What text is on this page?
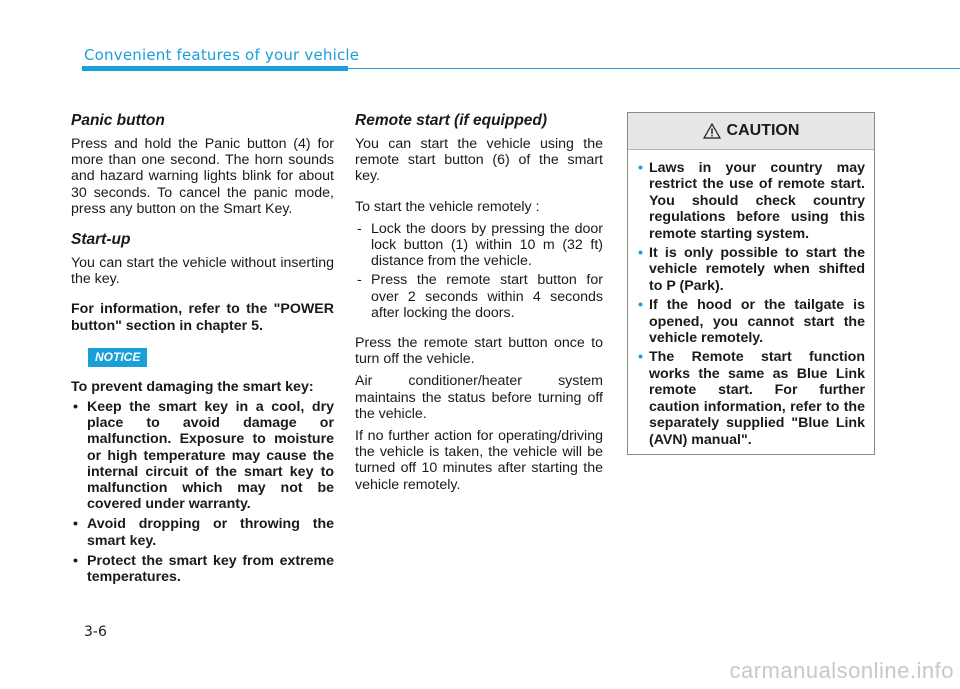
Convenient features of your vehicle
Panic button

Press and hold the Panic button (4) for more than one second. The horn sounds and hazard warning lights blink for about 30 seconds. To cancel the panic mode, press any button on the Smart Key.

Start-up

You can start the vehicle without inserting the key.

For information, refer to the "POWER button" section in chapter 5.

NOTICE

To prevent damaging the smart key:

• Keep the smart key in a cool, dry place to avoid damage or malfunction. Exposure to moisture or high temperature may cause the internal circuit of the smart key to malfunction which may not be covered under warranty.
• Avoid dropping or throwing the smart key.
• Protect the smart key from extreme temperatures.
Remote start (if equipped)

You can start the vehicle using the remote start button (6) of the smart key.

To start the vehicle remotely :

- Lock the doors by pressing the door lock button (1) within 10 m (32 ft) distance from the vehicle.
- Press the remote start button for over 2 seconds within 4 seconds after locking the doors.

Press the remote start button once to turn off the vehicle.

Air conditioner/heater system maintains the status before turning off the vehicle.

If no further action for operating/driving the vehicle is taken, the vehicle will be turned off 10 minutes after starting the vehicle remotely.

CAUTION
• Laws in your country may restrict the use of remote start. You should check country regulations before using this remote starting system.
• It is only possible to start the vehicle remotely when shifted to P (Park).
• If the hood or the tailgate is opened, you cannot start the vehicle remotely.
• The Remote start function works the same as Blue Link remote start. For further caution information, refer to the separately supplied "Blue Link (AVN) manual".
3-6
carmanualsonline.info
